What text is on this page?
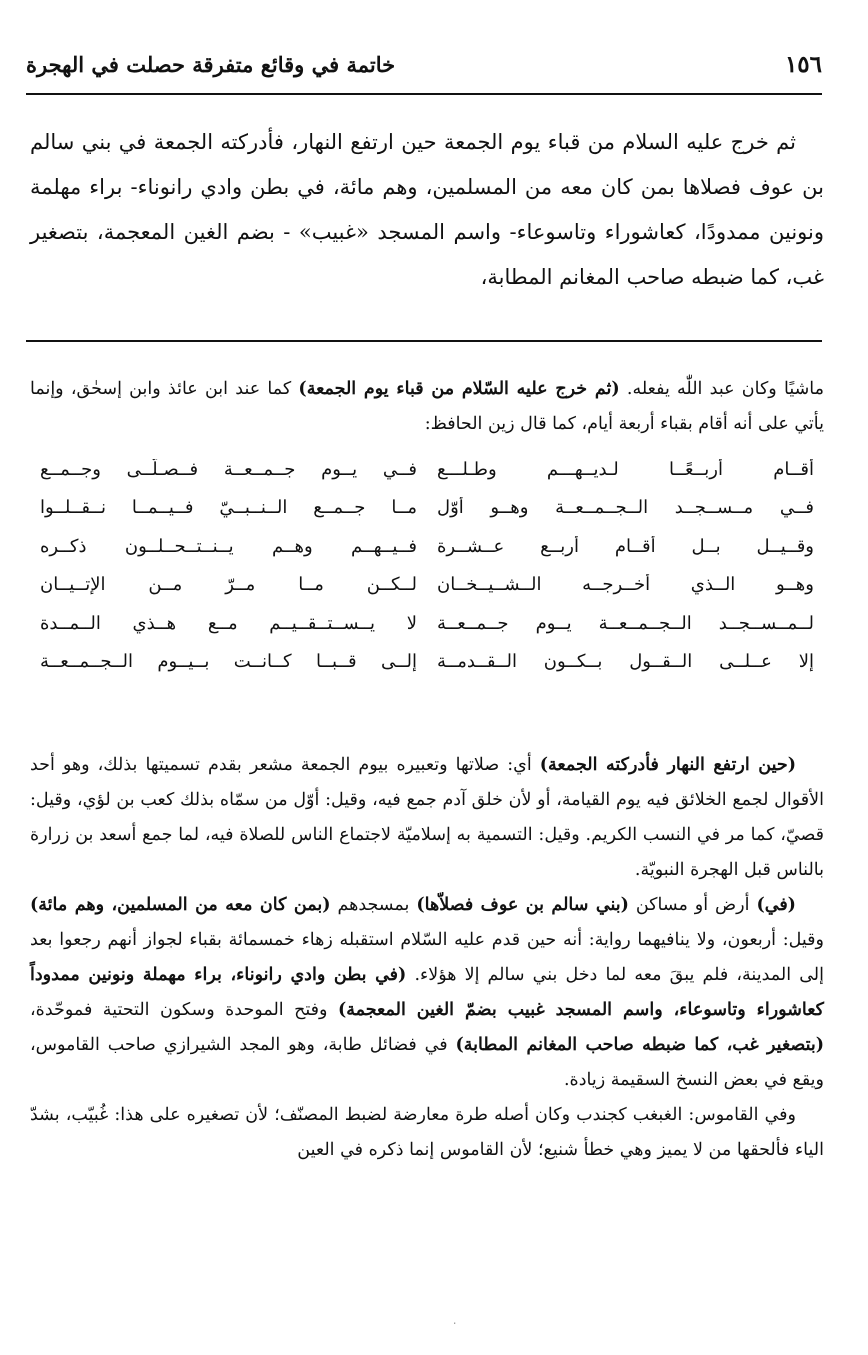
١٥٦
خاتمة في وقائع متفرقة حصلت في الهجرة

ثم خرج عليه السلام من قباء يوم الجمعة حين ارتفع النهار، فأدركته الجمعة في بني سالم بن عوف فصلاها بمن كان معه من المسلمين، وهم مائة، في بطن وادي رانوناء- براء مهلمة ونونين ممدودًا، كعاشوراء وتاسوعاء- واسم المسجد «غبيب» - بضم الغين المعجمة، بتصغير غب، كما ضبطه صاحب المغانم المطابة،

ماشيًا وكان عبد اللّٰه يفعله. (ثم خرج عليه السّلام من قباء يوم الجمعة) كما عند ابن عائذ وابن إسحٰق، وإنما يأتي على أنه أقام بقباء أربعة أيام، كما قال زين الحافظ:

أقــام أربــعًــا لـديــهـــم وطـلـــع
فــي يــوم جــمــعــة فــصـلّــى وجــمــع
فــي مــســجــد الــجــمــعــة وهــو أوّل
مــا جــمــع الــنــبــيّ فــيــمــا نــقــلــوا
وقــيــل بــل أقــام أربــع عــشــرة
فــيــهــم وهــم يــنــتــحــلــون ذكــره
وهــو الــذي أخــرجــه الــشــيــخــان
لــكــن مــا مــرّ مــن الإتــيــان
لــمــســجــد الــجــمــعــة يــوم جــمــعــة
لا يــســتــقــيــم مــع هــذي الــمــدة
إلا عــلــى الــقــول بــكــون الــقــدمــة
إلــى قــبــا كــانــت بــيــوم الــجــمــعــة

(حين ارتفع النهار فأدركته الجمعة) أي: صلاتها وتعبيره بيوم الجمعة مشعر بقدم تسميتها بذلك، وهو أحد الأقوال لجمع الخلائق فيه يوم القيامة، أو لأن خلق آدم جمع فيه، وقيل: أوّل من سمّاه بذلك كعب بن لؤي، وقيل: قصيّ، كما مر في النسب الكريم. وقيل: التسمية به إسلاميّة لاجتماع الناس للصلاة فيه، لما جمع أسعد بن زرارة بالناس قبل الهجرة النبويّة.

(في) أرض أو مساكن (بني سالم بن عوف فصلاّها) بمسجدهم (بمن كان معه من المسلمين، وهم مائة) وقيل: أربعون، ولا ينافيهما رواية: أنه حين قدم عليه السّلام استقبله زهاء خمسمائة بقباء لجواز أنهم رجعوا بعد إلى المدينة، فلم يبقَ معه لما دخل بني سالم إلا هؤلاء. (في بطن وادي رانوناء، براء مهملة ونونين ممدوداً كعاشوراء وتاسوعاء، واسم المسجد غبيب بضمّ الغين المعجمة) وفتح الموحدة وسكون التحتية فموحّدة، (بتصغير غب، كما ضبطه صاحب المغانم المطابة) في فضائل طابة، وهو المجد الشيرازي صاحب القاموس، ويقع في بعض النسخ السقيمة زيادة.

وفي القاموس: الغبغب كجندب وكان أصله طرة معارضة لضبط المصنّف؛ لأن تصغيره على هذا: غُبيّب، بشدّ الياء فألحقها من لا يميز وهي خطأ شنيع؛ لأن القاموس إنما ذكره في العين

٠
